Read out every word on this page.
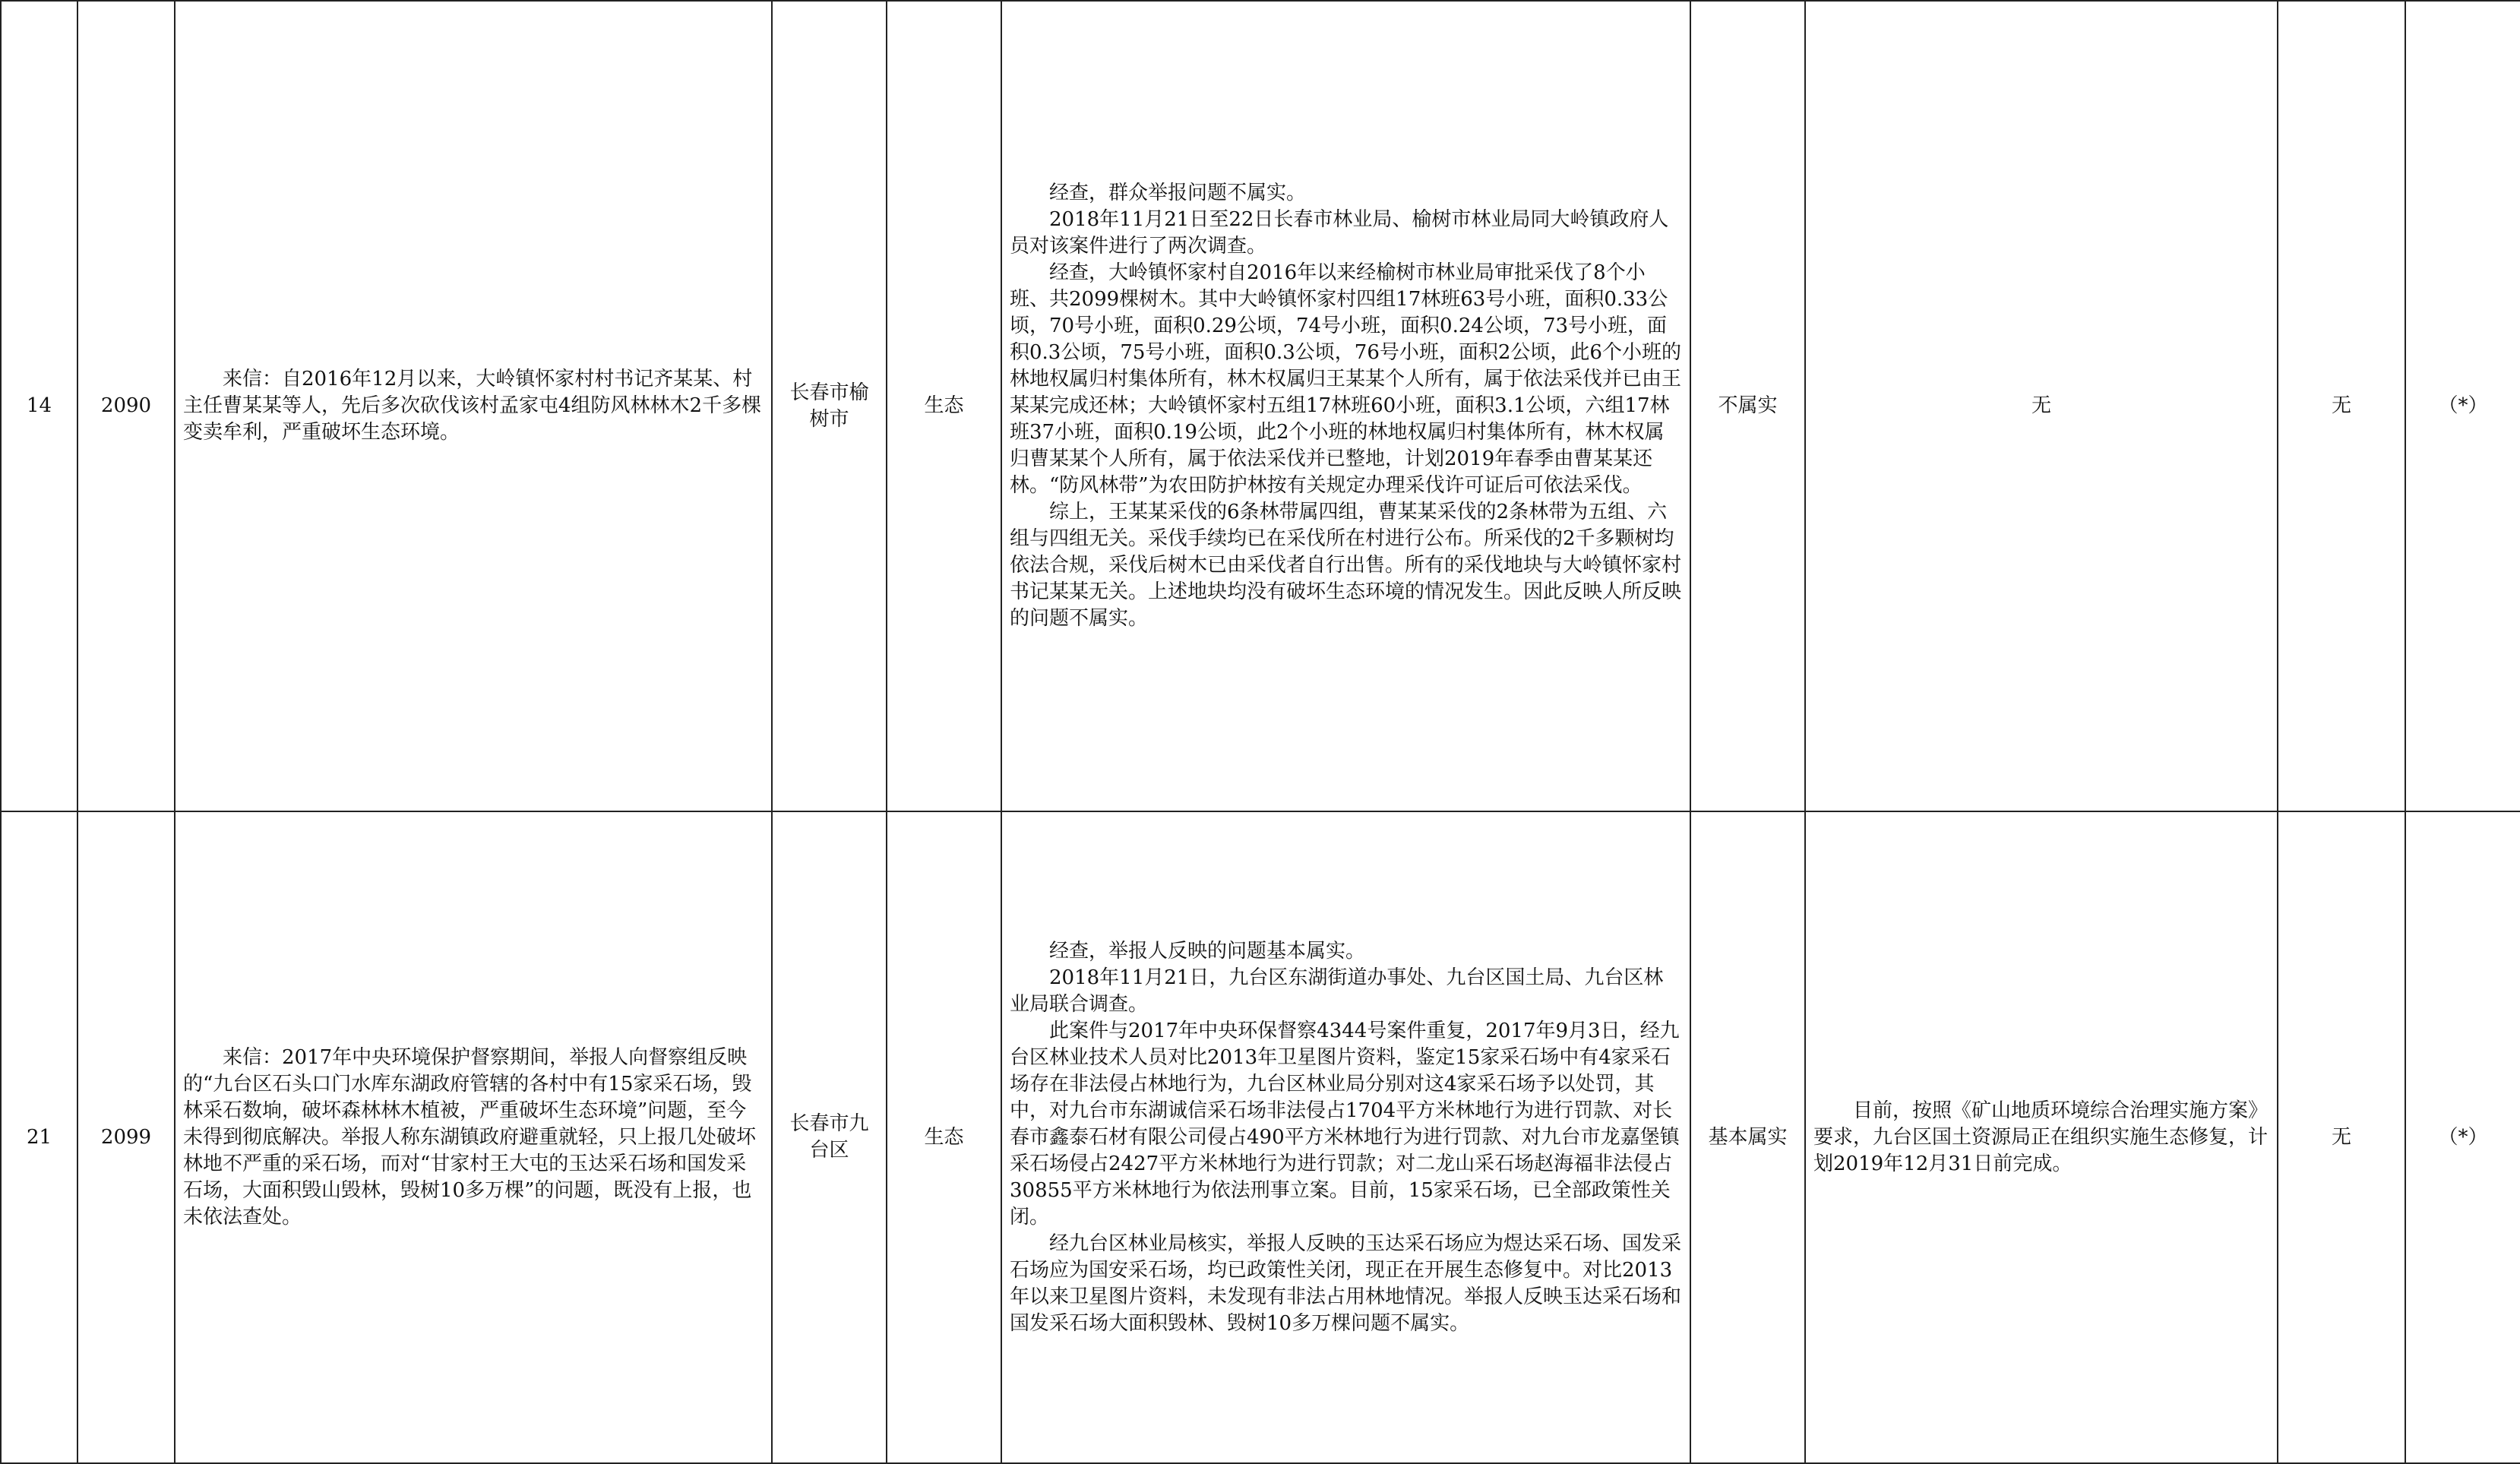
14	2090	　　来信：自2016年12月以来，大岭镇怀家村村书记齐某某、村主任曹某某等人，先后多次砍伐该村孟家屯4组防风林林木2千多棵变卖牟利，严重破坏生态环境。	长春市榆树市	生态	　　经查，群众举报问题不属实。
　　2018年11月21日至22日长春市林业局、榆树市林业局同大岭镇政府人员对该案件进行了两次调查。
　　经查，大岭镇怀家村自2016年以来经榆树市林业局审批采伐了8个小班、共2099棵树木。其中大岭镇怀家村四组17林班63号小班，面积0.33公顷，70号小班，面积0.29公顷，74号小班，面积0.24公顷，73号小班，面积0.3公顷，75号小班，面积0.3公顷，76号小班，面积2公顷，此6个小班的林地权属归村集体所有，林木权属归王某某个人所有，属于依法采伐并已由王某某完成还林；大岭镇怀家村五组17林班60小班，面积3.1公顷，六组17林班37小班，面积0.19公顷，此2个小班的林地权属归村集体所有，林木权属归曹某某个人所有，属于依法采伐并已整地，计划2019年春季由曹某某还林。“防风林带”为农田防护林按有关规定办理采伐许可证后可依法采伐。
　　综上，王某某采伐的6条林带属四组，曹某某采伐的2条林带为五组、六组与四组无关。采伐手续均已在采伐所在村进行公布。所采伐的2千多颗树均依法合规，采伐后树木已由采伐者自行出售。所有的采伐地块与大岭镇怀家村书记某某无关。上述地块均没有破坏生态环境的情况发生。因此反映人所反映的问题不属实。	不属实	无	无	（*）
21	2099	　　来信：2017年中央环境保护督察期间，举报人向督察组反映的“九台区石头口门水库东湖政府管辖的各村中有15家采石场，毁林采石数垧，破坏森林林木植被，严重破坏生态环境”问题，至今未得到彻底解决。举报人称东湖镇政府避重就轻，只上报几处破坏林地不严重的采石场，而对“甘家村王大屯的玉达采石场和国发采石场，大面积毁山毁林，毁树10多万棵”的问题，既没有上报，也未依法查处。	长春市九台区	生态	　　经查，举报人反映的问题基本属实。
　　2018年11月21日，九台区东湖街道办事处、九台区国土局、九台区林业局联合调查。
　　此案件与2017年中央环保督察4344号案件重复，2017年9月3日，经九台区林业技术人员对比2013年卫星图片资料，鉴定15家采石场中有4家采石场存在非法侵占林地行为，九台区林业局分别对这4家采石场予以处罚，其中，对九台市东湖诚信采石场非法侵占1704平方米林地行为进行罚款、对长春市鑫泰石材有限公司侵占490平方米林地行为进行罚款、对九台市龙嘉堡镇采石场侵占2427平方米林地行为进行罚款；对二龙山采石场赵海福非法侵占30855平方米林地行为依法刑事立案。目前，15家采石场，已全部政策性关闭。
　　经九台区林业局核实，举报人反映的玉达采石场应为煜达采石场、国发采石场应为国安采石场，均已政策性关闭，现正在开展生态修复中。对比2013年以来卫星图片资料，未发现有非法占用林地情况。举报人反映玉达采石场和国发采石场大面积毁林、毁树10多万棵问题不属实。	基本属实	　　目前，按照《矿山地质环境综合治理实施方案》要求，九台区国土资源局正在组织实施生态修复，计划2019年12月31日前完成。	无	（*）
